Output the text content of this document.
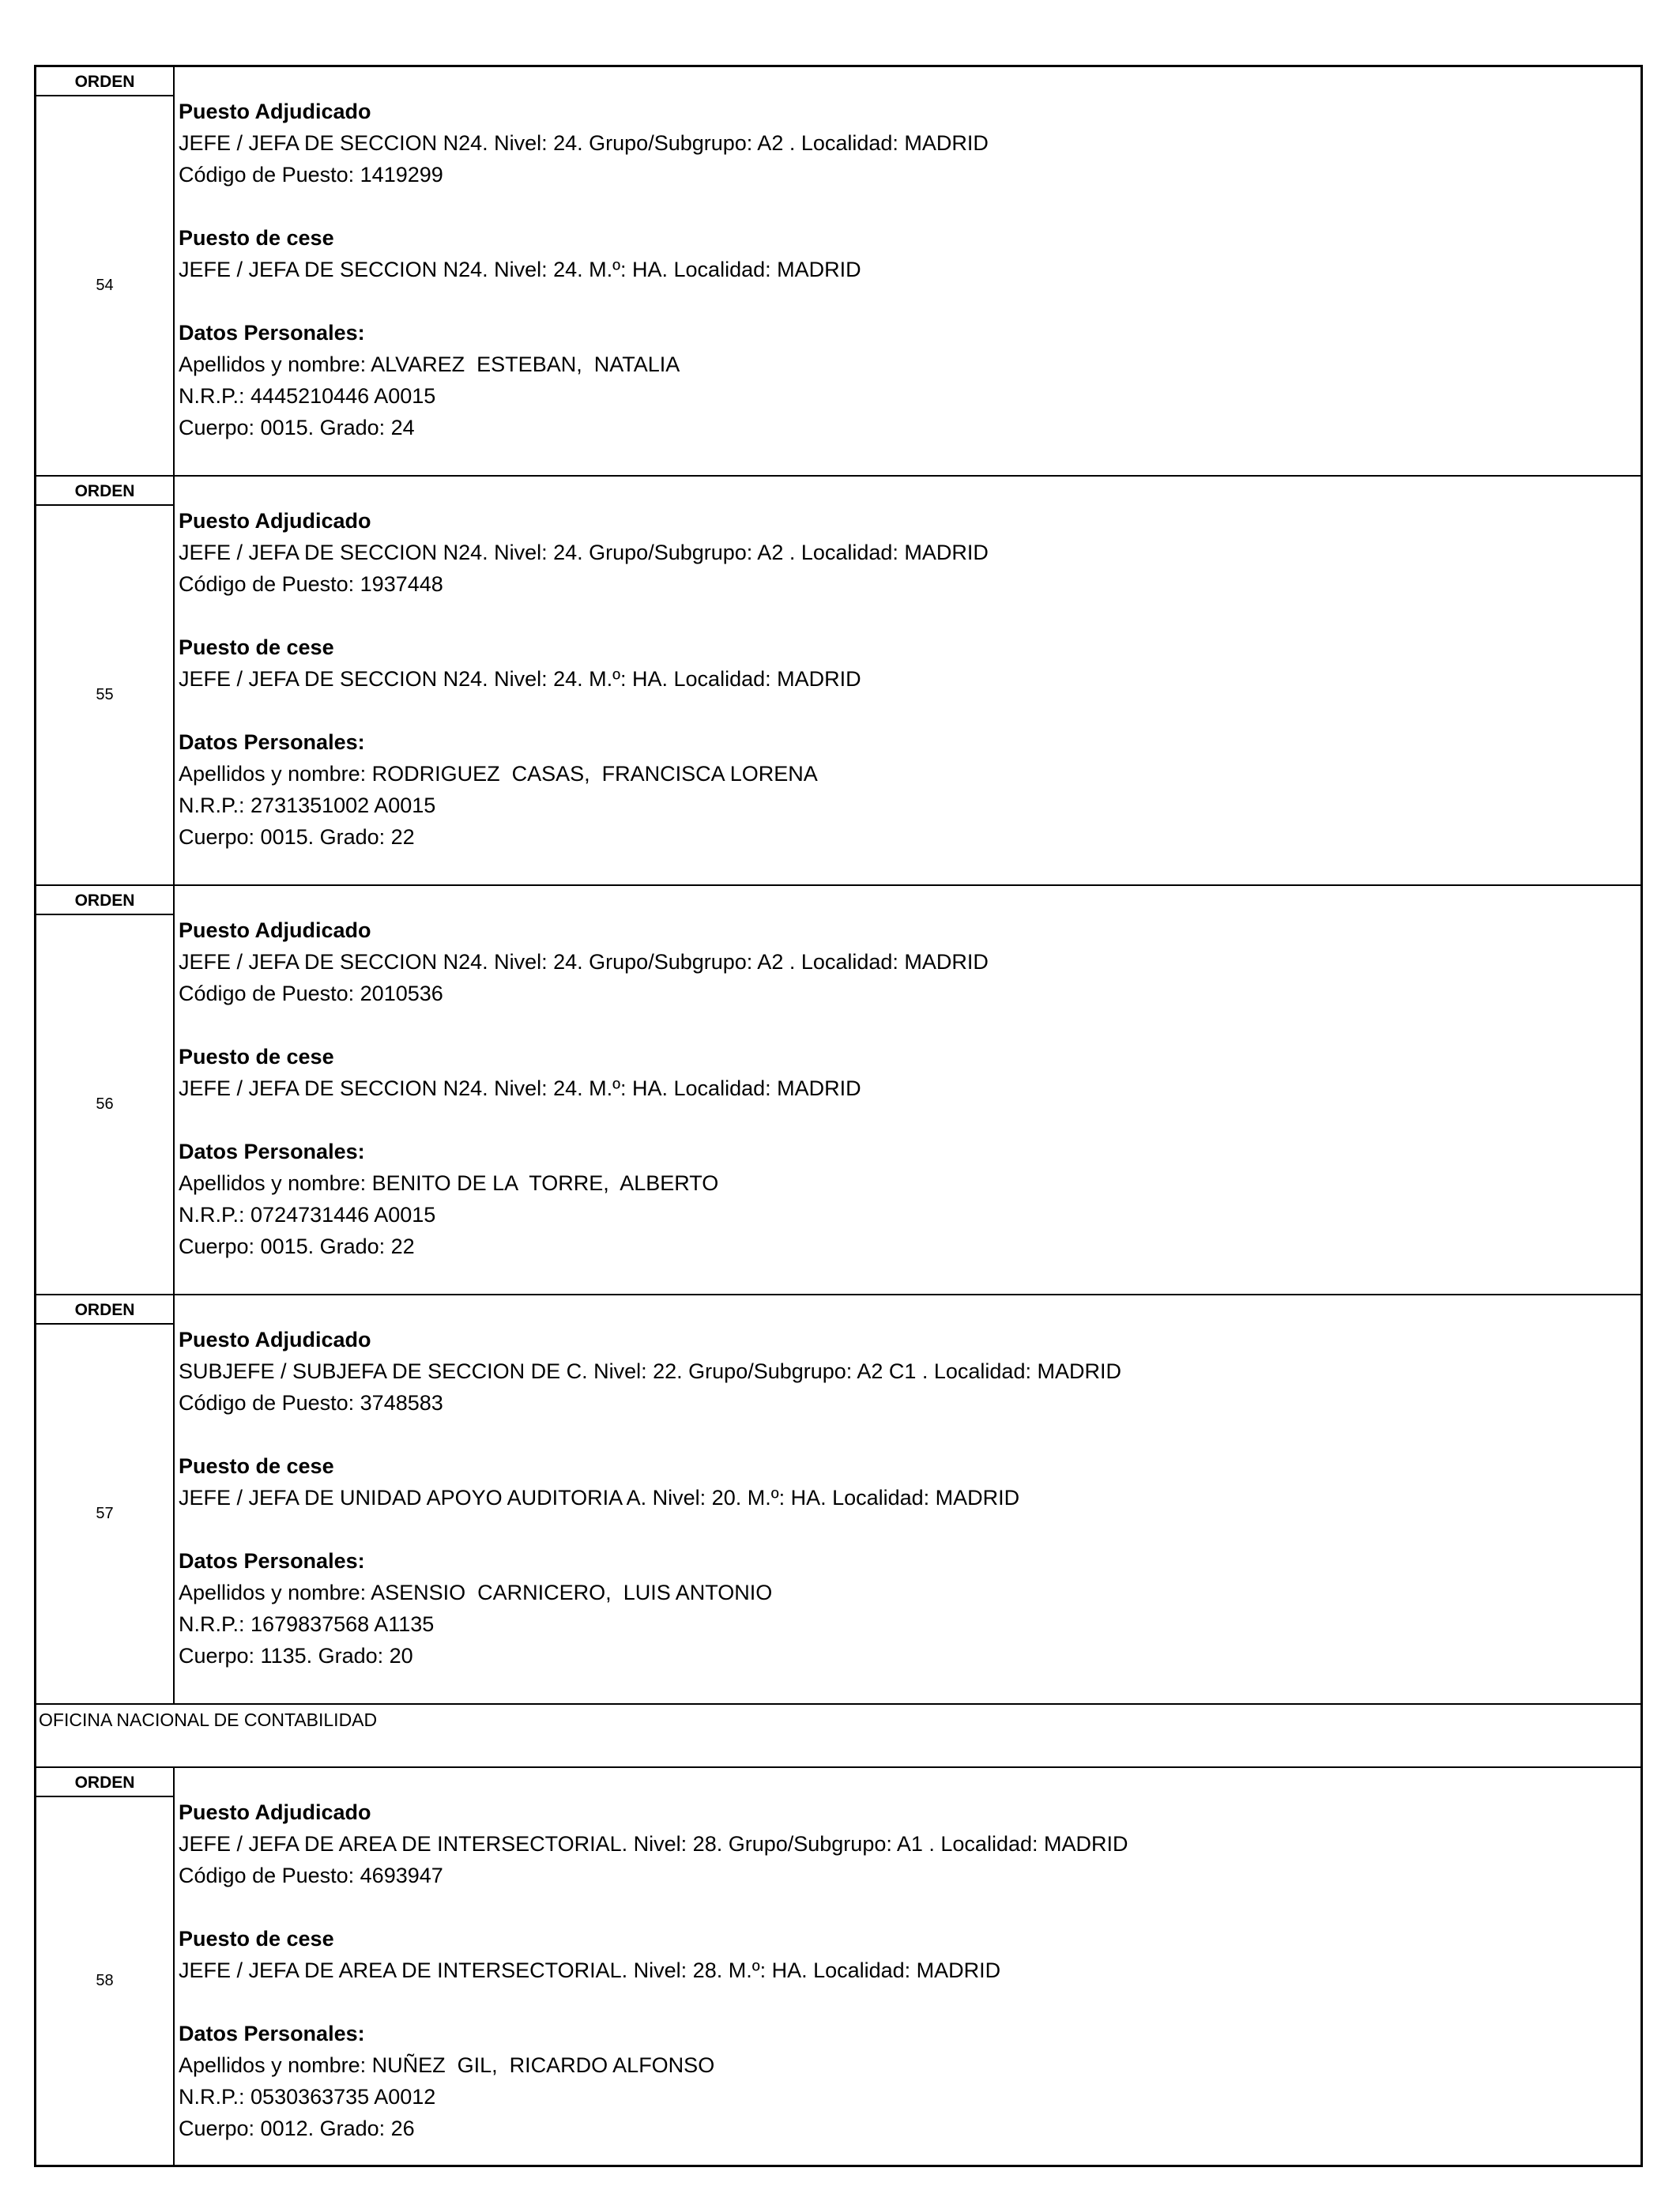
ORDEN
54
Puesto Adjudicado
JEFE / JEFA DE SECCION N24. Nivel: 24. Grupo/Subgrupo: A2 . Localidad: MADRID
Código de Puesto: 1419299
Puesto de cese
JEFE / JEFA DE SECCION N24. Nivel: 24. M.º: HA. Localidad: MADRID
Datos Personales:
Apellidos y nombre: ALVAREZ  ESTEBAN,  NATALIA
N.R.P.: 4445210446 A0015
Cuerpo: 0015. Grado: 24
ORDEN
55
Puesto Adjudicado
JEFE / JEFA DE SECCION N24. Nivel: 24. Grupo/Subgrupo: A2 . Localidad: MADRID
Código de Puesto: 1937448
Puesto de cese
JEFE / JEFA DE SECCION N24. Nivel: 24. M.º: HA. Localidad: MADRID
Datos Personales:
Apellidos y nombre: RODRIGUEZ  CASAS,  FRANCISCA LORENA
N.R.P.: 2731351002 A0015
Cuerpo: 0015. Grado: 22
ORDEN
56
Puesto Adjudicado
JEFE / JEFA DE SECCION N24. Nivel: 24. Grupo/Subgrupo: A2 . Localidad: MADRID
Código de Puesto: 2010536
Puesto de cese
JEFE / JEFA DE SECCION N24. Nivel: 24. M.º: HA. Localidad: MADRID
Datos Personales:
Apellidos y nombre: BENITO DE LA  TORRE,  ALBERTO
N.R.P.: 0724731446 A0015
Cuerpo: 0015. Grado: 22
ORDEN
57
Puesto Adjudicado
SUBJEFE / SUBJEFA DE SECCION DE C. Nivel: 22. Grupo/Subgrupo: A2 C1 . Localidad: MADRID
Código de Puesto: 3748583
Puesto de cese
JEFE / JEFA DE UNIDAD APOYO AUDITORIA A. Nivel: 20. M.º: HA. Localidad: MADRID
Datos Personales:
Apellidos y nombre: ASENSIO  CARNICERO,  LUIS ANTONIO
N.R.P.: 1679837568 A1135
Cuerpo: 1135. Grado: 20
OFICINA NACIONAL DE CONTABILIDAD
ORDEN
58
Puesto Adjudicado
JEFE / JEFA DE AREA DE INTERSECTORIAL. Nivel: 28. Grupo/Subgrupo: A1 . Localidad: MADRID
Código de Puesto: 4693947
Puesto de cese
JEFE / JEFA DE AREA DE INTERSECTORIAL. Nivel: 28. M.º: HA. Localidad: MADRID
Datos Personales:
Apellidos y nombre: NUÑEZ  GIL,  RICARDO ALFONSO
N.R.P.: 0530363735 A0012
Cuerpo: 0012. Grado: 26
